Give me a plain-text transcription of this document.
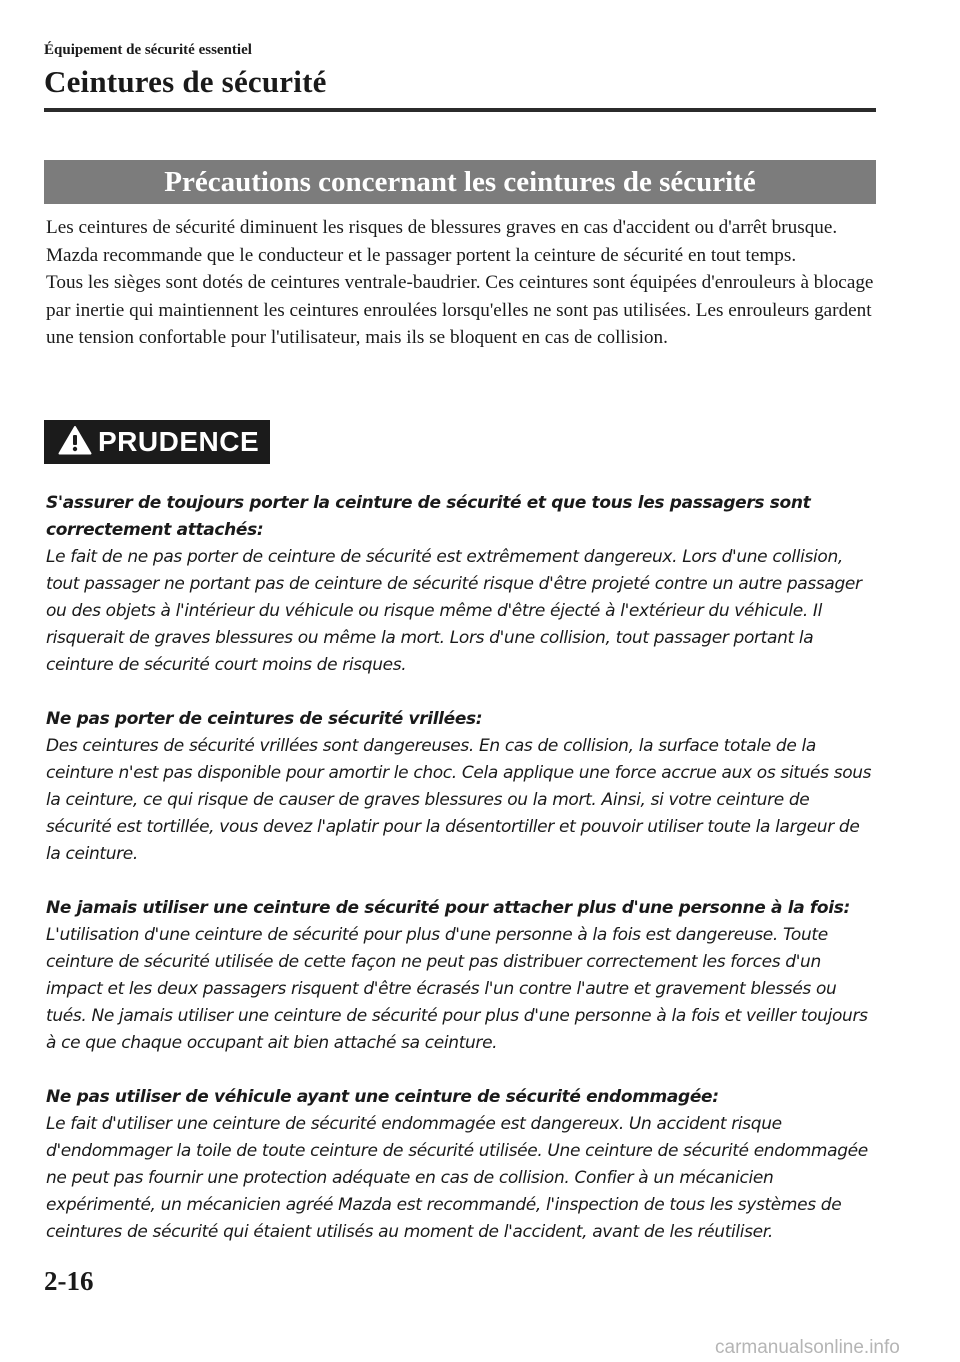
Équipement de sécurité essentiel
Ceintures de sécurité
Précautions concernant les ceintures de sécurité

Les ceintures de sécurité diminuent les risques de blessures graves en cas d'accident ou d'arrêt brusque. Mazda recommande que le conducteur et le passager portent la ceinture de sécurité en tout temps.

Tous les sièges sont dotés de ceintures ventrale-baudrier. Ces ceintures sont équipées d'enrouleurs à blocage par inertie qui maintiennent les ceintures enroulées lorsqu'elles ne sont pas utilisées. Les enrouleurs gardent une tension confortable pour l'utilisateur, mais ils se bloquent en cas de collision.

PRUDENCE
S'assurer de toujours porter la ceinture de sécurité et que tous les passagers sont correctement attachés:
Le fait de ne pas porter de ceinture de sécurité est extrêmement dangereux. Lors d'une collision, tout passager ne portant pas de ceinture de sécurité risque d'être projeté contre un autre passager ou des objets à l'intérieur du véhicule ou risque même d'être éjecté à l'extérieur du véhicule. Il risquerait de graves blessures ou même la mort. Lors d'une collision, tout passager portant la ceinture de sécurité court moins de risques.
Ne pas porter de ceintures de sécurité vrillées:
Des ceintures de sécurité vrillées sont dangereuses. En cas de collision, la surface totale de la ceinture n'est pas disponible pour amortir le choc. Cela applique une force accrue aux os situés sous la ceinture, ce qui risque de causer de graves blessures ou la mort. Ainsi, si votre ceinture de sécurité est tortillée, vous devez l'aplatir pour la désentortiller et pouvoir utiliser toute la largeur de la ceinture.
Ne jamais utiliser une ceinture de sécurité pour attacher plus d'une personne à la fois:
L'utilisation d'une ceinture de sécurité pour plus d'une personne à la fois est dangereuse. Toute ceinture de sécurité utilisée de cette façon ne peut pas distribuer correctement les forces d'un impact et les deux passagers risquent d'être écrasés l'un contre l'autre et gravement blessés ou tués. Ne jamais utiliser une ceinture de sécurité pour plus d'une personne à la fois et veiller toujours à ce que chaque occupant ait bien attaché sa ceinture.
Ne pas utiliser de véhicule ayant une ceinture de sécurité endommagée:
Le fait d'utiliser une ceinture de sécurité endommagée est dangereux. Un accident risque d'endommager la toile de toute ceinture de sécurité utilisée. Une ceinture de sécurité endommagée ne peut pas fournir une protection adéquate en cas de collision. Confier à un mécanicien expérimenté, un mécanicien agréé Mazda est recommandé, l'inspection de tous les systèmes de ceintures de sécurité qui étaient utilisés au moment de l'accident, avant de les réutiliser.
2-16
carmanualsonline.info
